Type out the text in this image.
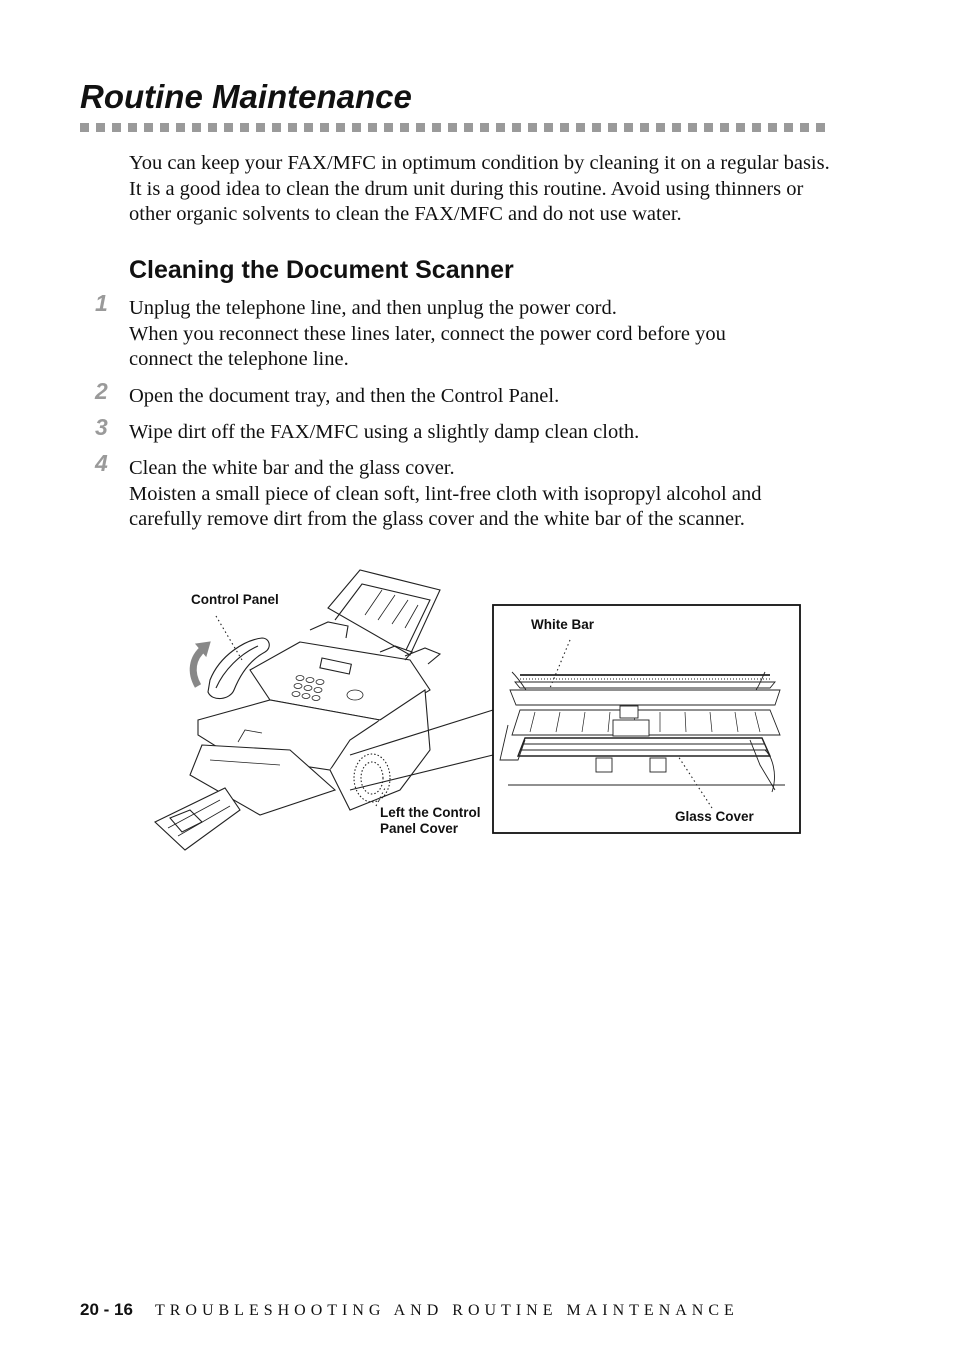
Routine Maintenance
You can keep your FAX/MFC in optimum condition by cleaning it on a regular basis. It is a good idea to clean the drum unit during this routine. Avoid using thinners or other organic solvents to clean the FAX/MFC and do not use water.
Cleaning the Document Scanner
1	Unplug the telephone line, and then unplug the power cord.
When you reconnect these lines later, connect the power cord before you
connect the telephone line.
2	Open the document tray, and then the Control Panel.
3	Wipe dirt off the FAX/MFC using a slightly damp clean cloth.
4	Clean the white bar and the glass cover.
Moisten a small piece of clean soft, lint-free cloth with isopropyl alcohol and
carefully remove dirt from the glass cover and the white bar of the scanner.
Control Panel
White Bar
Left the Control
Panel Cover
Glass Cover
20 - 16 TROUBLESHOOTING AND ROUTINE MAINTENANCE
